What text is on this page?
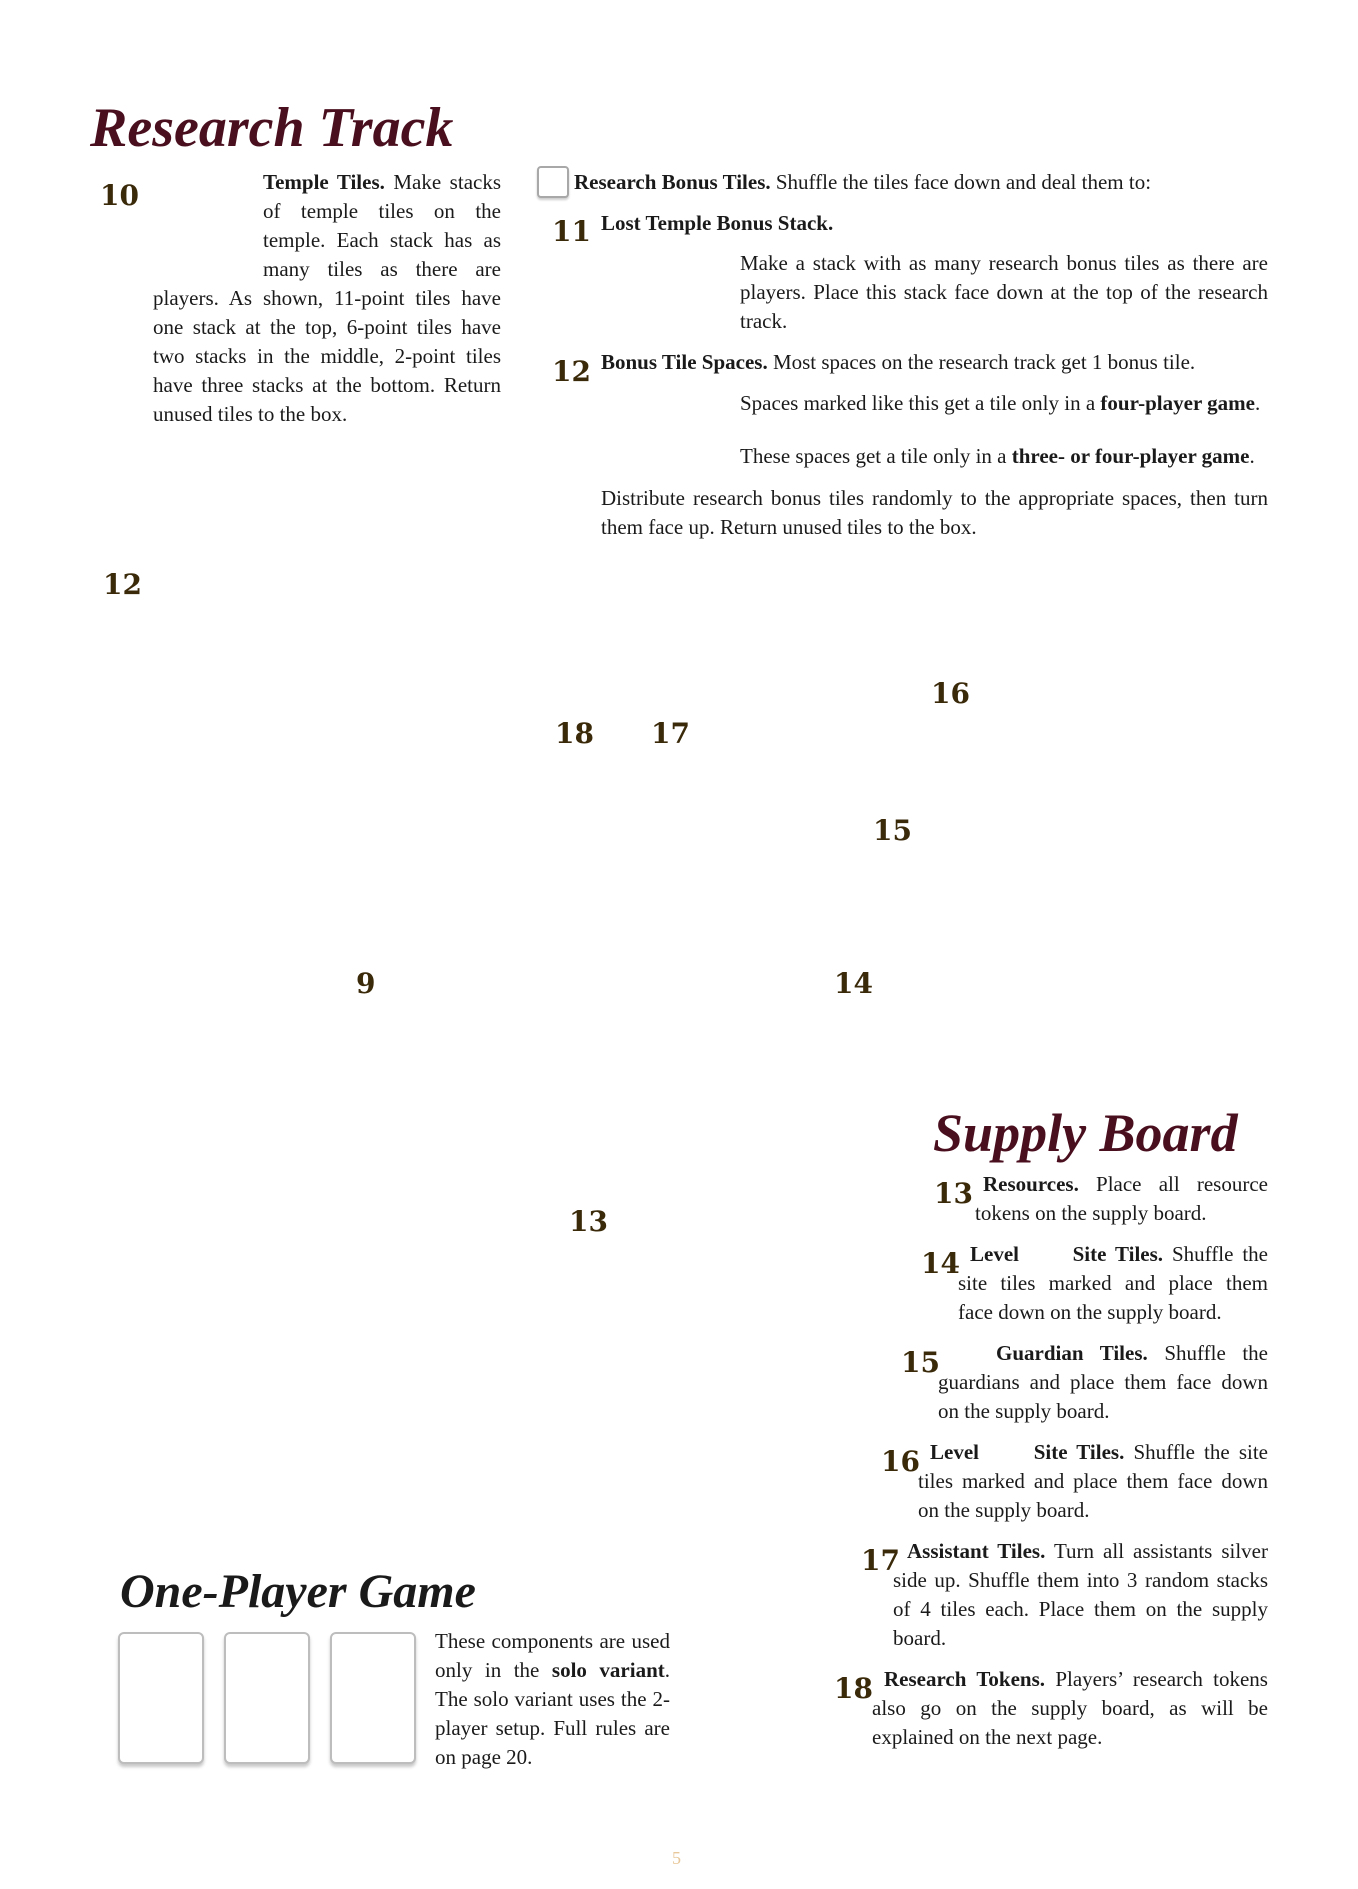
Research Track
10	Temple Tiles. Make stacks of temple tiles on the temple. Each stack has as many tiles as there are players. As shown, 11-point tiles have one stack at the top, 6-point tiles have two stacks in the middle, 2-point tiles have three stacks at the bottom. Return unused tiles to the box.
Research Bonus Tiles. Shuffle the tiles face down and deal them to:
11 Lost Temple Bonus Stack.
Make a stack with as many research bonus tiles as there are players. Place this stack face down at the top of the research track.
12 Bonus Tile Spaces. Most spaces on the research track get 1 bonus tile.
Spaces marked like this get a tile only in a four-player game.
These spaces get a tile only in a three- or four-player game.
Distribute research bonus tiles randomly to the appropriate spaces, then turn them face up. Return unused tiles to the box.
12
16
18 17
15
9	14
13
Supply Board
13 Resources. Place all resource tokens on the supply board.
14 Level	Site Tiles. Shuffle the site tiles marked and place them face down on the supply board.
15	Guardian Tiles. Shuffle the guardians and place them face down on the supply board.
16 Level	Site Tiles. Shuffle the site tiles marked and place them face down on the supply board.
17 Assistant Tiles. Turn all assistants silver side up. Shuffle them into 3 random stacks of 4 tiles each. Place them on the supply board.
18 Research Tokens. Players’ research tokens also go on the supply board, as will be explained on the next page.
One-Player Game
These components are used only in the solo variant. The solo variant uses the 2-player setup. Full rules are on page 20.
5
